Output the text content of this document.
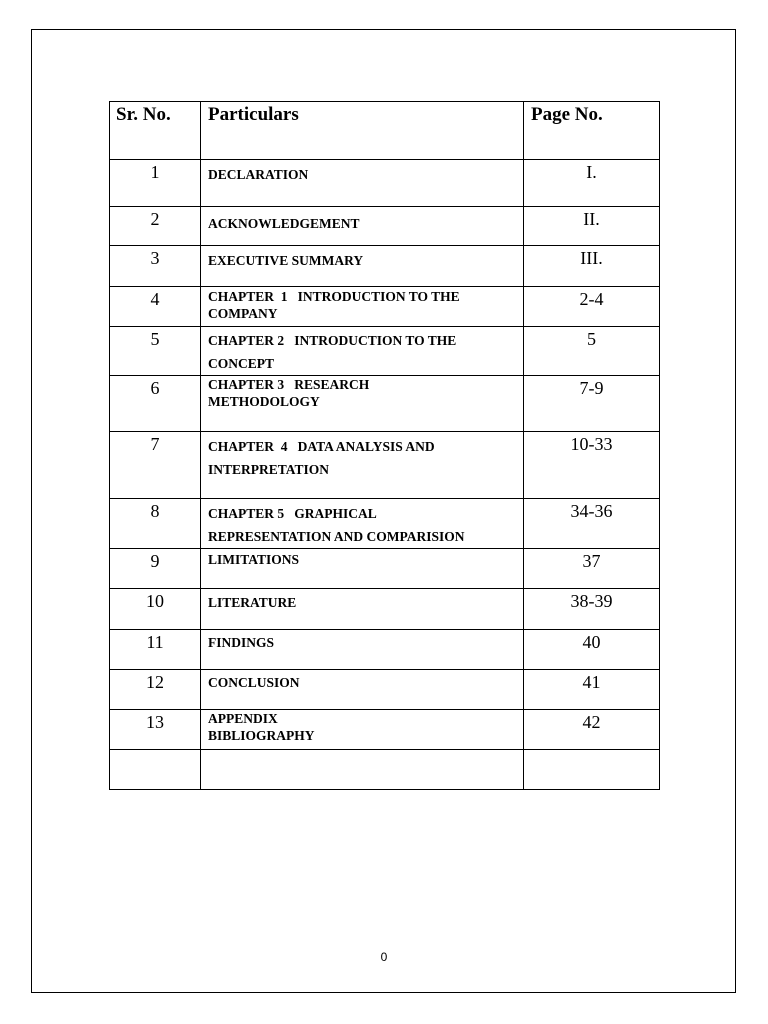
Sr. No.	Particulars	Page No.
1	DECLARATION	I.
2	ACKNOWLEDGEMENT	II.
3	EXECUTIVE SUMMARY	III.
4	CHAPTER  1   INTRODUCTION TO THE
COMPANY	2-4
5	CHAPTER 2   INTRODUCTION TO THE
CONCEPT	5
6	CHAPTER 3   RESEARCH
METHODOLOGY	7-9
7	CHAPTER  4   DATA ANALYSIS AND
INTERPRETATION	10-33
8	CHAPTER 5   GRAPHICAL
REPRESENTATION AND COMPARISION	34-36
9	LIMITATIONS	37
10	LITERATURE	38-39
11	FINDINGS	40
12	CONCLUSION	41
13	APPENDIX
BIBLIOGRAPHY	42

0
